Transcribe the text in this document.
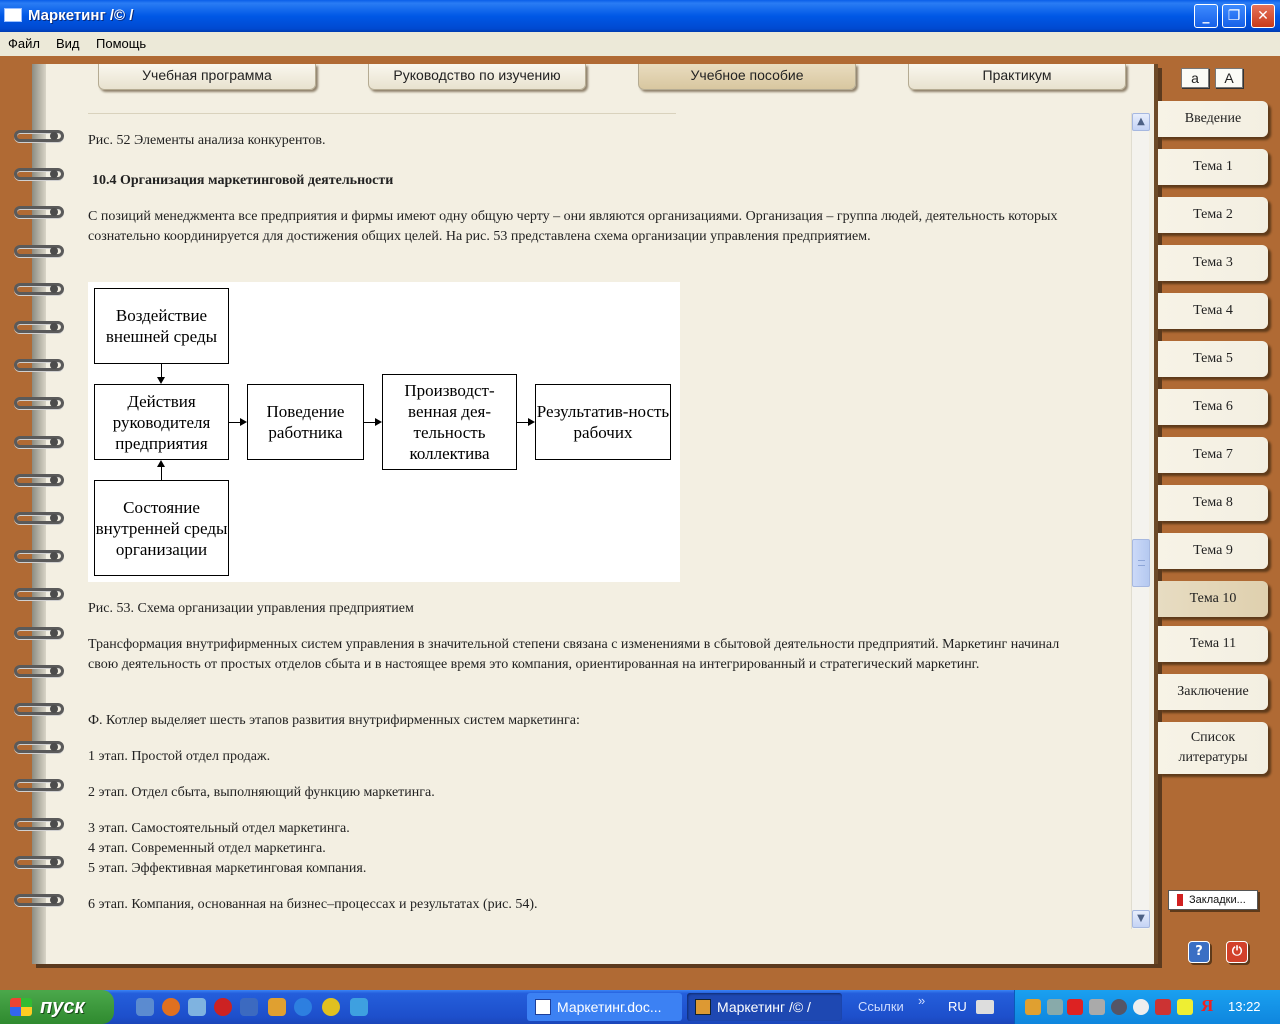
Маркетинг /© /	_	❐	✕
Файл Вид Помощь
Учебная программа	Руководство по изучению	Учебное пособие	Практикум

Рис. 52 Элементы анализа конкурентов.

10.4 Организация маркетинговой деятельности

С позиций менеджмента все предприятия и фирмы имеют одну общую черту – они являются организациями. Организация – группа людей, деятельность которых сознательно координируется для достижения общих целей. На рис. 53 представлена схема организации управления предприятием.

Рис. 53. Схема организации управления предприятием

Трансформация внутрифирменных систем управления в значительной степени связана с изменениями в сбытовой деятельности предприятий. Маркетинг начинал свою деятельность от простых отделов сбыта и в настоящее время это компания, ориентированная на интегрированный и стратегический маркетинг.

Ф. Котлер выделяет шесть этапов развития внутрифирменных систем маркетинга:

1 этап. Простой отдел продаж.

2 этап. Отдел сбыта, выполняющий функцию маркетинга.

3 этап. Самостоятельный отдел маркетинга.

4 этап. Современный отдел маркетинга.

5 этап. Эффективная маркетинговая компания.

6 этап. Компания, основанная на бизнес–процессах и результатах (рис. 54).

Воздействие внешней среды
Действия руководителя предприятия
Состояние внутренней среды организации
Поведение работника
Производст-венная дея-тельность коллектива
Результатив-ность рабочих
▲
▼
a	A
Введение
Тема 1
Тема 2
Тема 3
Тема 4
Тема 5
Тема 6
Тема 7
Тема 8
Тема 9
Тема 10
Тема 11
Заключение
Список литературы
Закладки...
?	⏻
пуск	Маркетинг.doc...	Маркетинг /© /	Ссылки » RU	Я 13:22
